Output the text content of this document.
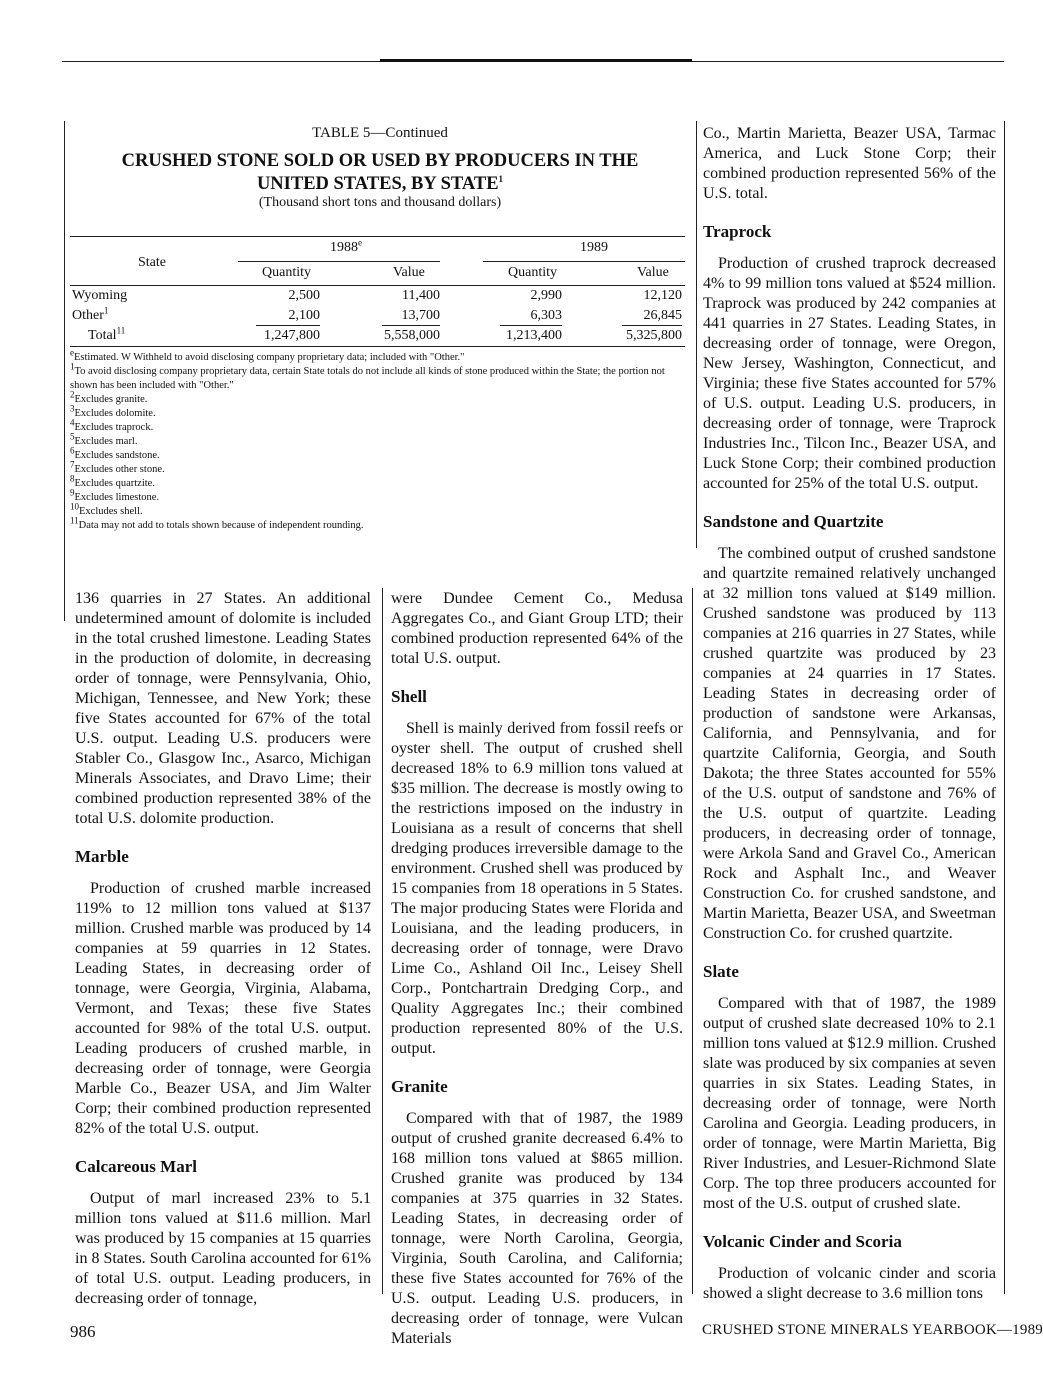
TABLE 5—Continued
CRUSHED STONE SOLD OR USED BY PRODUCERS IN THE
UNITED STATES, BY STATE$^1$
(Thousand short tons and thousand dollars)
State
1988e	1989
Quantity	Value	Quantity	Value
Wyoming	2,500	11,400	2,990	12,120
Other$^1$	2,100	13,700	6,303	26,845
Total$^{11}$	1,247,800	5,558,000	1,213,400	5,325,800
$^e$Estimated. W Withheld to avoid disclosing company proprietary data; included with "Other."
$^1$To avoid disclosing company proprietary data, certain State totals do not include all kinds of stone produced within the State; the portion not shown has been included with "Other."
$^2$Excludes granite.
$^3$Excludes dolomite.
$^4$Excludes traprock.
$^5$Excludes marl.
$^6$Excludes sandstone.
$^7$Excludes other stone.
$^8$Excludes quartzite.
$^9$Excludes limestone.
$^{10}$Excludes shell.
$^{11}$Data may not add to totals shown because of independent rounding.

136 quarries in 27 States. An additional undetermined amount of dolomite is included in the total crushed limestone. Leading States in the production of dolomite, in decreasing order of tonnage, were Pennsylvania, Ohio, Michigan, Tennessee, and New York; these five States accounted for 67% of the total U.S. output. Leading U.S. producers were Stabler Co., Glasgow Inc., Asarco, Michigan Minerals Associates, and Dravo Lime; their combined production represented 38% of the total U.S. dolomite production.

Marble

Production of crushed marble increased 119% to 12 million tons valued at $137 million. Crushed marble was produced by 14 companies at 59 quarries in 12 States. Leading States, in decreasing order of tonnage, were Georgia, Virginia, Alabama, Vermont, and Texas; these five States accounted for 98% of the total U.S. output. Leading producers of crushed marble, in decreasing order of tonnage, were Georgia Marble Co., Beazer USA, and Jim Walter Corp; their combined production represented 82% of the total U.S. output.

Calcareous Marl

Output of marl increased 23% to 5.1 million tons valued at $11.6 million. Marl was produced by 15 companies at 15 quarries in 8 States. South Carolina accounted for 61% of total U.S. output. Leading producers, in decreasing order of tonnage,

were Dundee Cement Co., Medusa Aggregates Co., and Giant Group LTD; their combined production represented 64% of the total U.S. output.

Shell

Shell is mainly derived from fossil reefs or oyster shell. The output of crushed shell decreased 18% to 6.9 million tons valued at $35 million. The decrease is mostly owing to the restrictions imposed on the industry in Louisiana as a result of concerns that shell dredging produces irreversible damage to the environment. Crushed shell was produced by 15 companies from 18 operations in 5 States. The major producing States were Florida and Louisiana, and the leading producers, in decreasing order of tonnage, were Dravo Lime Co., Ashland Oil Inc., Leisey Shell Corp., Pontchartrain Dredging Corp., and Quality Aggregates Inc.; their combined production represented 80% of the U.S. output.

Granite

Compared with that of 1987, the 1989 output of crushed granite decreased 6.4% to 168 million tons valued at $865 million. Crushed granite was produced by 134 companies at 375 quarries in 32 States. Leading States, in decreasing order of tonnage, were North Carolina, Georgia, Virginia, South Carolina, and California; these five States accounted for 76% of the U.S. output. Leading U.S. producers, in decreasing order of tonnage, were Vulcan Materials

Co., Martin Marietta, Beazer USA, Tarmac America, and Luck Stone Corp; their combined production represented 56% of the U.S. total.

Traprock

Production of crushed traprock decreased 4% to 99 million tons valued at $524 million. Traprock was produced by 242 companies at 441 quarries in 27 States. Leading States, in decreasing order of tonnage, were Oregon, New Jersey, Washington, Connecticut, and Virginia; these five States accounted for 57% of U.S. output. Leading U.S. producers, in decreasing order of tonnage, were Traprock Industries Inc., Tilcon Inc., Beazer USA, and Luck Stone Corp; their combined production accounted for 25% of the total U.S. output.

Sandstone and Quartzite

The combined output of crushed sandstone and quartzite remained relatively unchanged at 32 million tons valued at $149 million. Crushed sandstone was produced by 113 companies at 216 quarries in 27 States, while crushed quartzite was produced by 23 companies at 24 quarries in 17 States. Leading States in decreasing order of production of sandstone were Arkansas, California, and Pennsylvania, and for quartzite California, Georgia, and South Dakota; the three States accounted for 55% of the U.S. output of sandstone and 76% of the U.S. output of quartzite. Leading producers, in decreasing order of tonnage, were Arkola Sand and Gravel Co., American Rock and Asphalt Inc., and Weaver Construction Co. for crushed sandstone, and Martin Marietta, Beazer USA, and Sweetman Construction Co. for crushed quartzite.

Slate

Compared with that of 1987, the 1989 output of crushed slate decreased 10% to 2.1 million tons valued at $12.9 million. Crushed slate was produced by six companies at seven quarries in six States. Leading States, in decreasing order of tonnage, were North Carolina and Georgia. Leading producers, in order of tonnage, were Martin Marietta, Big River Industries, and Lesuer-Richmond Slate Corp. The top three producers accounted for most of the U.S. output of crushed slate.

Volcanic Cinder and Scoria

Production of volcanic cinder and scoria showed a slight decrease to 3.6 million tons

986	CRUSHED STONE MINERALS YEARBOOK—1989
